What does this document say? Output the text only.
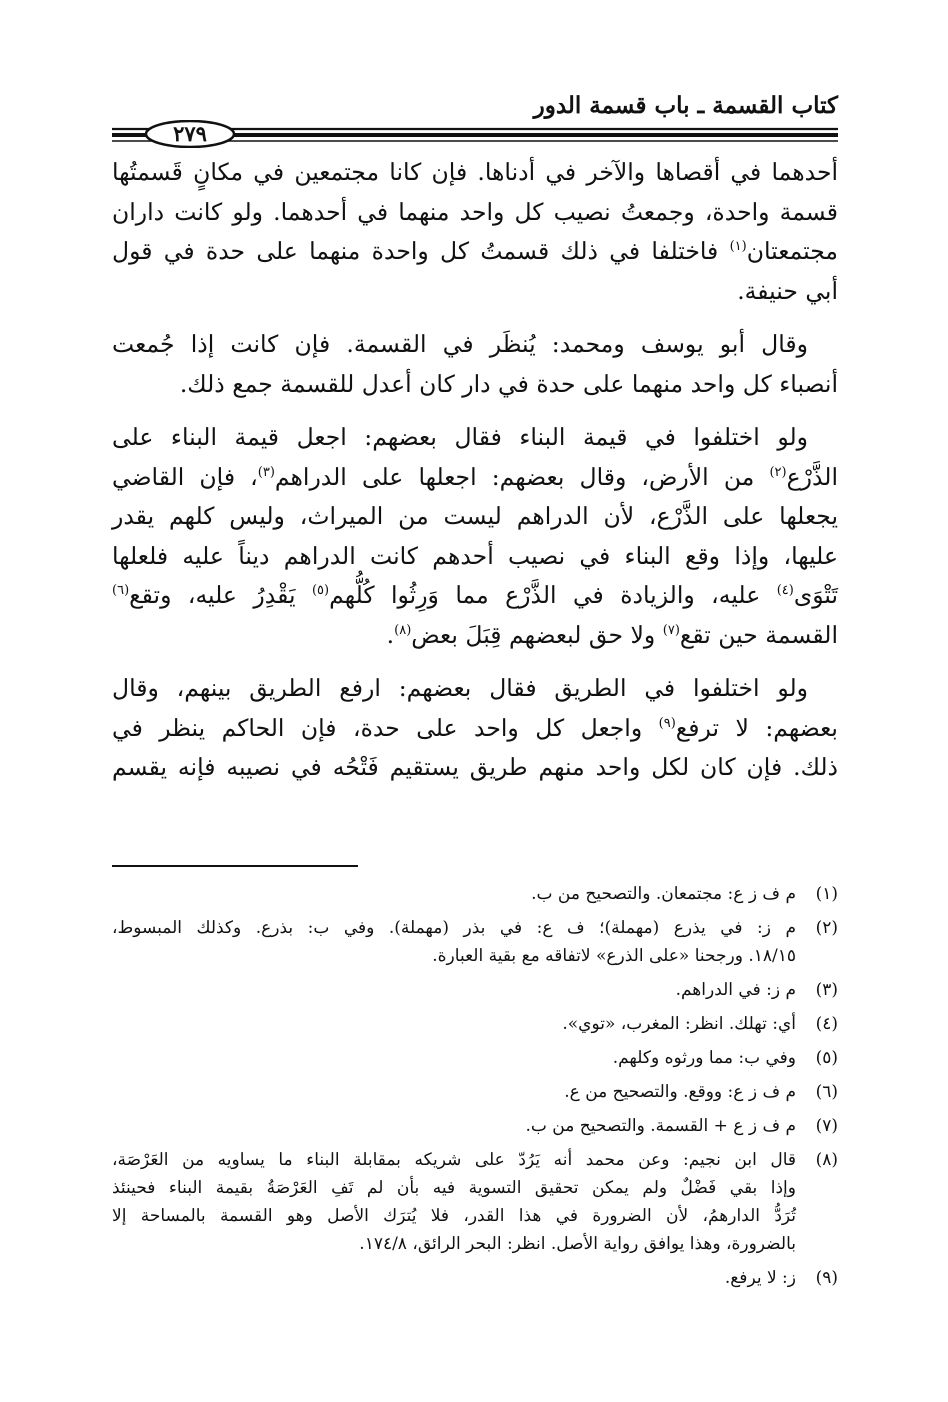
كتاب القسمة ـ باب قسمة الدور
٢٧٩

أحدهما في أقصاها والآخر في أدناها. فإن كانا مجتمعين في مكانٍ قَسمتُها
قسمة واحدة، وجمعتُ نصيب كل واحد منهما في أحدهما. ولو كانت داران
مجتمعتان$^{(١)}$ فاختلفا في ذلك قسمتُ كل واحدة منهما على حدة في قول
أبي حنيفة.

وقال أبو يوسف ومحمد: يُنظَر في القسمة. فإن كانت إذا جُمعت
أنصباء كل واحد منهما على حدة في دار كان أعدل للقسمة جمع ذلك.

ولو اختلفوا في قيمة البناء فقال بعضهم: اجعل قيمة البناء على
الذَّرْع$^{(٢)}$ من الأرض، وقال بعضهم: اجعلها على الدراهم$^{(٣)}$، فإن القاضي
يجعلها على الذَّرْع، لأن الدراهم ليست من الميراث، وليس كلهم يقدر
عليها، وإذا وقع البناء في نصيب أحدهم كانت الدراهم ديناً عليه فلعلها
تَتْوَى$^{(٤)}$ عليه، والزيادة في الذَّرْع مما وَرِثُوا كُلُّهم$^{(٥)}$ يَقْدِرُ عليه، وتقع$^{(٦)}$
القسمة حين تقع$^{(٧)}$ ولا حق لبعضهم قِبَلَ بعض$^{(٨)}$.

ولو اختلفوا في الطريق فقال بعضهم: ارفع الطريق بينهم، وقال
بعضهم: لا ترفع$^{(٩)}$ واجعل كل واحد على حدة، فإن الحاكم ينظر في
ذلك. فإن كان لكل واحد منهم طريق يستقيم فَتْحُه في نصيبه فإنه يقسم

(١)
م ف ز ع: مجتمعان. والتصحيح من ب.
(٢)
م ز: في يذرع (مهملة)؛ ف ع: في بذر (مهملة). وفي ب: بذرع. وكذلك المبسوط،
١٨/١٥. ورجحنا «على الذرع» لاتفاقه مع بقية العبارة.
(٣)
م ز: في الدراهم.
(٤)
أي: تهلك. انظر: المغرب، «توي».
(٥)
وفي ب: مما ورثوه وكلهم.
(٦)
م ف ز ع: ووقع. والتصحيح من ع.
(٧)
م ف ز ع + القسمة. والتصحيح من ب.
(٨)
قال ابن نجيم: وعن محمد أنه يَرُدّ على شريكه بمقابلة البناء ما يساويه من العَرْصَة،
وإذا بقي فَضْلٌ ولم يمكن تحقيق التسوية فيه بأن لم تَفِ العَرْصَةُ بقيمة البناء فحينئذ
تُرَدُّ الدارهمُ، لأن الضرورة في هذا القدر، فلا يُترَك الأصل وهو القسمة بالمساحة إلا
بالضرورة، وهذا يوافق رواية الأصل. انظر: البحر الرائق، ١٧٤/٨.
(٩)
ز: لا يرفع.
